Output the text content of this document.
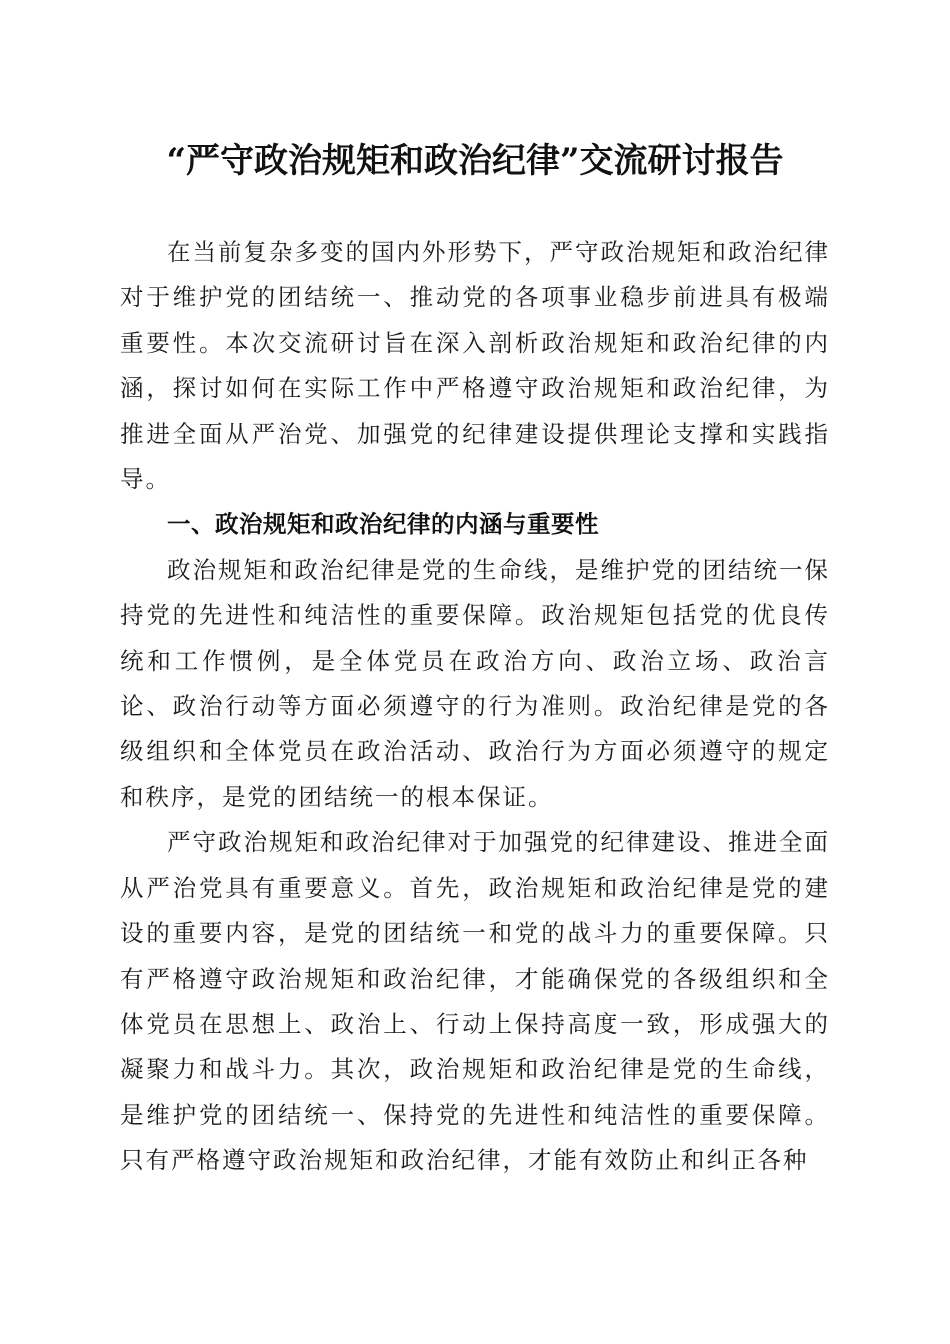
“严守政治规矩和政治纪律”交流研讨报告

在当前复杂多变的国内外形势下，严守政治规矩和政治纪律对于维护党的团结统一、推动党的各项事业稳步前进具有极端重要性。本次交流研讨旨在深入剖析政治规矩和政治纪律的内涵，探讨如何在实际工作中严格遵守政治规矩和政治纪律，为推进全面从严治党、加强党的纪律建设提供理论支撑和实践指导。

一、政治规矩和政治纪律的内涵与重要性

政治规矩和政治纪律是党的生命线，是维护党的团结统一保持党的先进性和纯洁性的重要保障。政治规矩包括党的优良传统和工作惯例，是全体党员在政治方向、政治立场、政治言论、政治行动等方面必须遵守的行为准则。政治纪律是党的各级组织和全体党员在政治活动、政治行为方面必须遵守的规定和秩序，是党的团结统一的根本保证。

严守政治规矩和政治纪律对于加强党的纪律建设、推进全面从严治党具有重要意义。首先，政治规矩和政治纪律是党的建设的重要内容，是党的团结统一和党的战斗力的重要保障。只有严格遵守政治规矩和政治纪律，才能确保党的各级组织和全体党员在思想上、政治上、行动上保持高度一致，形成强大的凝聚力和战斗力。其次，政治规矩和政治纪律是党的生命线，是维护党的团结统一、保持党的先进性和纯洁性的重要保障。只有严格遵守政治规矩和政治纪律，才能有效防止和纠正各种
